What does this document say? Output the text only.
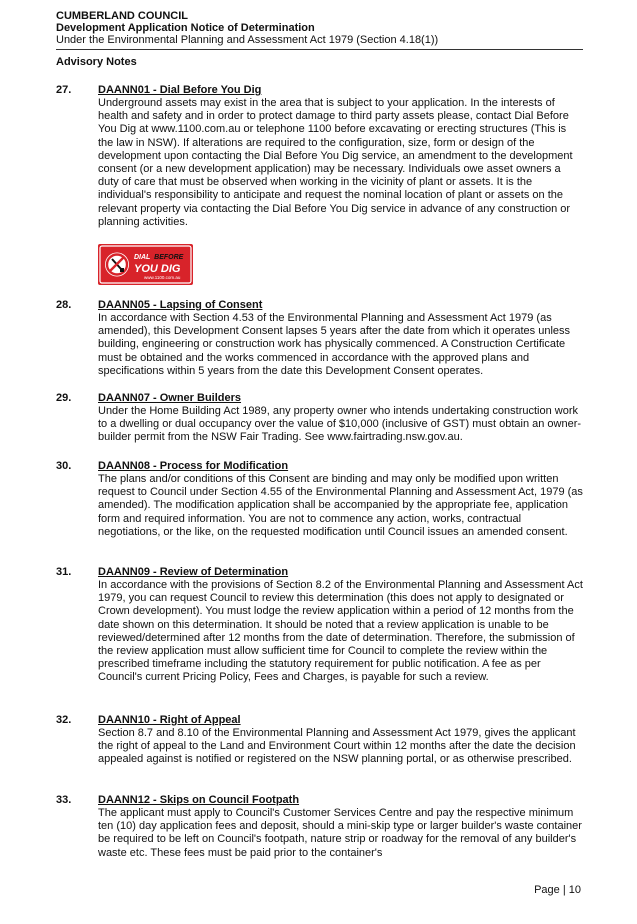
CUMBERLAND COUNCIL
Development Application Notice of Determination
Under the Environmental Planning and Assessment Act 1979 (Section 4.18(1))
Advisory Notes
27. DAANN01 - Dial Before You Dig

Underground assets may exist in the area that is subject to your application. In the interests of health and safety and in order to protect damage to third party assets please, contact Dial Before You Dig at www.1100.com.au or telephone 1100 before excavating or erecting structures (This is the law in NSW). If alterations are required to the configuration, size, form or design of the development upon contacting the Dial Before You Dig service, an amendment to the development consent (or a new development application) may be necessary. Individuals owe asset owners a duty of care that must be observed when working in the vicinity of plant or assets. It is the individual's responsibility to anticipate and request the nominal location of plant or assets on the relevant property via contacting the Dial Before You Dig service in advance of any construction or planning activities.

DIAL BEFORE
YOU DIG
www.1100.com.au
28. DAANN05 - Lapsing of Consent

In accordance with Section 4.53 of the Environmental Planning and Assessment Act 1979 (as amended), this Development Consent lapses 5 years after the date from which it operates unless building, engineering or construction work has physically commenced. A Construction Certificate must be obtained and the works commenced in accordance with the approved plans and specifications within 5 years from the date this Development Consent operates.

29. DAANN07 - Owner Builders

Under the Home Building Act 1989, any property owner who intends undertaking construction work to a dwelling or dual occupancy over the value of $10,000 (inclusive of GST) must obtain an owner-builder permit from the NSW Fair Trading. See www.fairtrading.nsw.gov.au.

30. DAANN08 - Process for Modification

The plans and/or conditions of this Consent are binding and may only be modified upon written request to Council under Section 4.55 of the Environmental Planning and Assessment Act, 1979 (as amended). The modification application shall be accompanied by the appropriate fee, application form and required information. You are not to commence any action, works, contractual negotiations, or the like, on the requested modification until Council issues an amended consent.

31. DAANN09 - Review of Determination

In accordance with the provisions of Section 8.2 of the Environmental Planning and Assessment Act 1979, you can request Council to review this determination (this does not apply to designated or Crown development). You must lodge the review application within a period of 12 months from the date shown on this determination. It should be noted that a review application is unable to be reviewed/determined after 12 months from the date of determination. Therefore, the submission of the review application must allow sufficient time for Council to complete the review within the prescribed timeframe including the statutory requirement for public notification. A fee as per Council's current Pricing Policy, Fees and Charges, is payable for such a review.

32. DAANN10 - Right of Appeal

Section 8.7 and 8.10 of the Environmental Planning and Assessment Act 1979, gives the applicant the right of appeal to the Land and Environment Court within 12 months after the date the decision appealed against is notified or registered on the NSW planning portal, or as otherwise prescribed.

33. DAANN12 - Skips on Council Footpath

The applicant must apply to Council's Customer Services Centre and pay the respective minimum ten (10) day application fees and deposit, should a mini-skip type or larger builder's waste container be required to be left on Council's footpath, nature strip or roadway for the removal of any builder's waste etc. These fees must be paid prior to the container's

Page | 10
